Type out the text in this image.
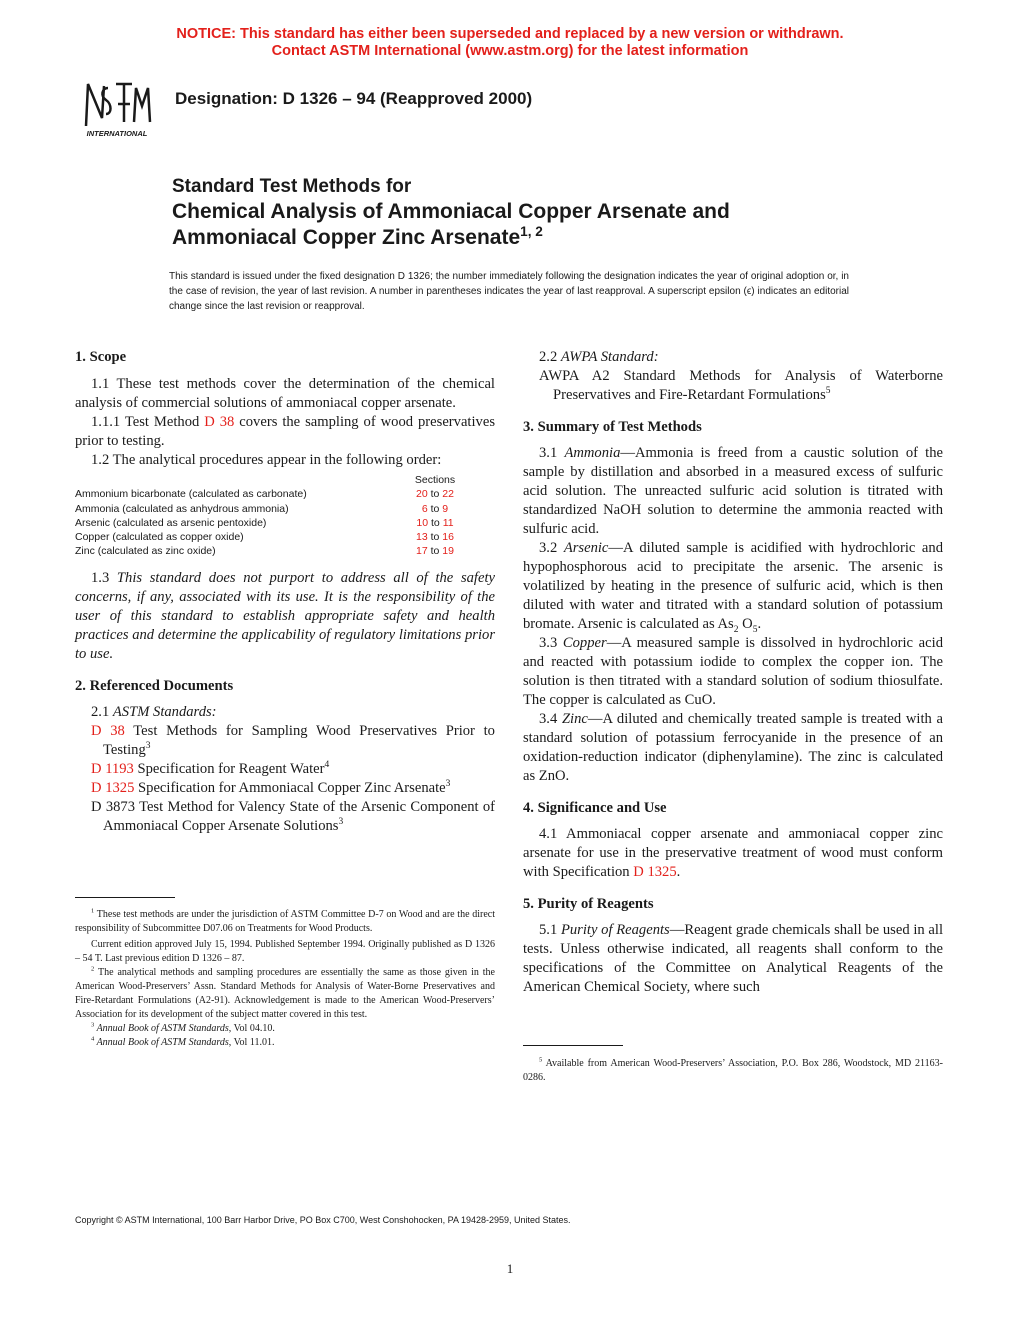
NOTICE: This standard has either been superseded and replaced by a new version or withdrawn.
Contact ASTM International (www.astm.org) for the latest information
INTERNATIONAL
Designation: D 1326 – 94 (Reapproved 2000)
Standard Test Methods for
Chemical Analysis of Ammoniacal Copper Arsenate and
Ammoniacal Copper Zinc Arsenate$^{1, 2}$
This standard is issued under the fixed designation D 1326; the number immediately following the designation indicates the year of original adoption or, in the case of revision, the year of last revision. A number in parentheses indicates the year of last reapproval. A superscript epsilon (ϵ) indicates an editorial change since the last revision or reapproval.

1. Scope

1.1 These test methods cover the determination of the chemical analysis of commercial solutions of ammoniacal copper arsenate.

1.1.1 Test Method D 38 covers the sampling of wood preservatives prior to testing.

1.2 The analytical procedures appear in the following order:

Sections
Ammonium bicarbonate (calculated as carbonate)	20 to 22
Ammonia (calculated as anhydrous ammonia)	6 to 9
Arsenic (calculated as arsenic pentoxide)	10 to 11
Copper (calculated as copper oxide)	13 to 16
Zinc (calculated as zinc oxide)	17 to 19

1.3 This standard does not purport to address all of the safety concerns, if any, associated with its use. It is the responsibility of the user of this standard to establish appropriate safety and health practices and determine the applicability of regulatory limitations prior to use.

2. Referenced Documents

2.1 ASTM Standards:

D 38 Test Methods for Sampling Wood Preservatives Prior to Testing$^3$

D 1193 Specification for Reagent Water$^4$

D 1325 Specification for Ammoniacal Copper Zinc Arsenate$^3$

D 3873 Test Method for Valency State of the Arsenic Component of Ammoniacal Copper Arsenate Solutions$^3$

$^1$ These test methods are under the jurisdiction of ASTM Committee D-7 on Wood and are the direct responsibility of Subcommittee D07.06 on Treatments for Wood Products.

Current edition approved July 15, 1994. Published September 1994. Originally published as D 1326 – 54 T. Last previous edition D 1326 – 87.

$^2$ The analytical methods and sampling procedures are essentially the same as those given in the American Wood-Preservers’ Assn. Standard Methods for Analysis of Water-Borne Preservatives and Fire-Retardant Formulations (A2-91). Acknowledgement is made to the American Wood-Preservers’ Association for its development of the subject matter covered in this test.

$^3$ Annual Book of ASTM Standards, Vol 04.10.

$^4$ Annual Book of ASTM Standards, Vol 11.01.

2.2 AWPA Standard:

AWPA A2 Standard Methods for Analysis of Waterborne Preservatives and Fire-Retardant Formulations$^5$

3. Summary of Test Methods

3.1 Ammonia—Ammonia is freed from a caustic solution of the sample by distillation and absorbed in a measured excess of sulfuric acid solution. The unreacted sulfuric acid solution is titrated with standardized NaOH solution to determine the ammonia reacted with sulfuric acid.

3.2 Arsenic—A diluted sample is acidified with hydrochloric and hypophosphorous acid to precipitate the arsenic. The arsenic is volatilized by heating in the presence of sulfuric acid, which is then diluted with water and titrated with a standard solution of potassium bromate. Arsenic is calculated as $As_2$ $O_5$.

3.3 Copper—A measured sample is dissolved in hydrochloric acid and reacted with potassium iodide to complex the copper ion. The solution is then titrated with a standard solution of sodium thiosulfate. The copper is calculated as CuO.

3.4 Zinc—A diluted and chemically treated sample is treated with a standard solution of potassium ferrocyanide in the presence of an oxidation-reduction indicator (diphenylamine). The zinc is calculated as ZnO.

4. Significance and Use

4.1 Ammoniacal copper arsenate and ammoniacal copper zinc arsenate for use in the preservative treatment of wood must conform with Specification D 1325.

5. Purity of Reagents

5.1 Purity of Reagents—Reagent grade chemicals shall be used in all tests. Unless otherwise indicated, all reagents shall conform to the specifications of the Committee on Analytical Reagents of the American Chemical Society, where such

$^5$ Available from American Wood-Preservers’ Association, P.O. Box 286, Woodstock, MD 21163-0286.

Copyright © ASTM International, 100 Barr Harbor Drive, PO Box C700, West Conshohocken, PA 19428-2959, United States.
1
